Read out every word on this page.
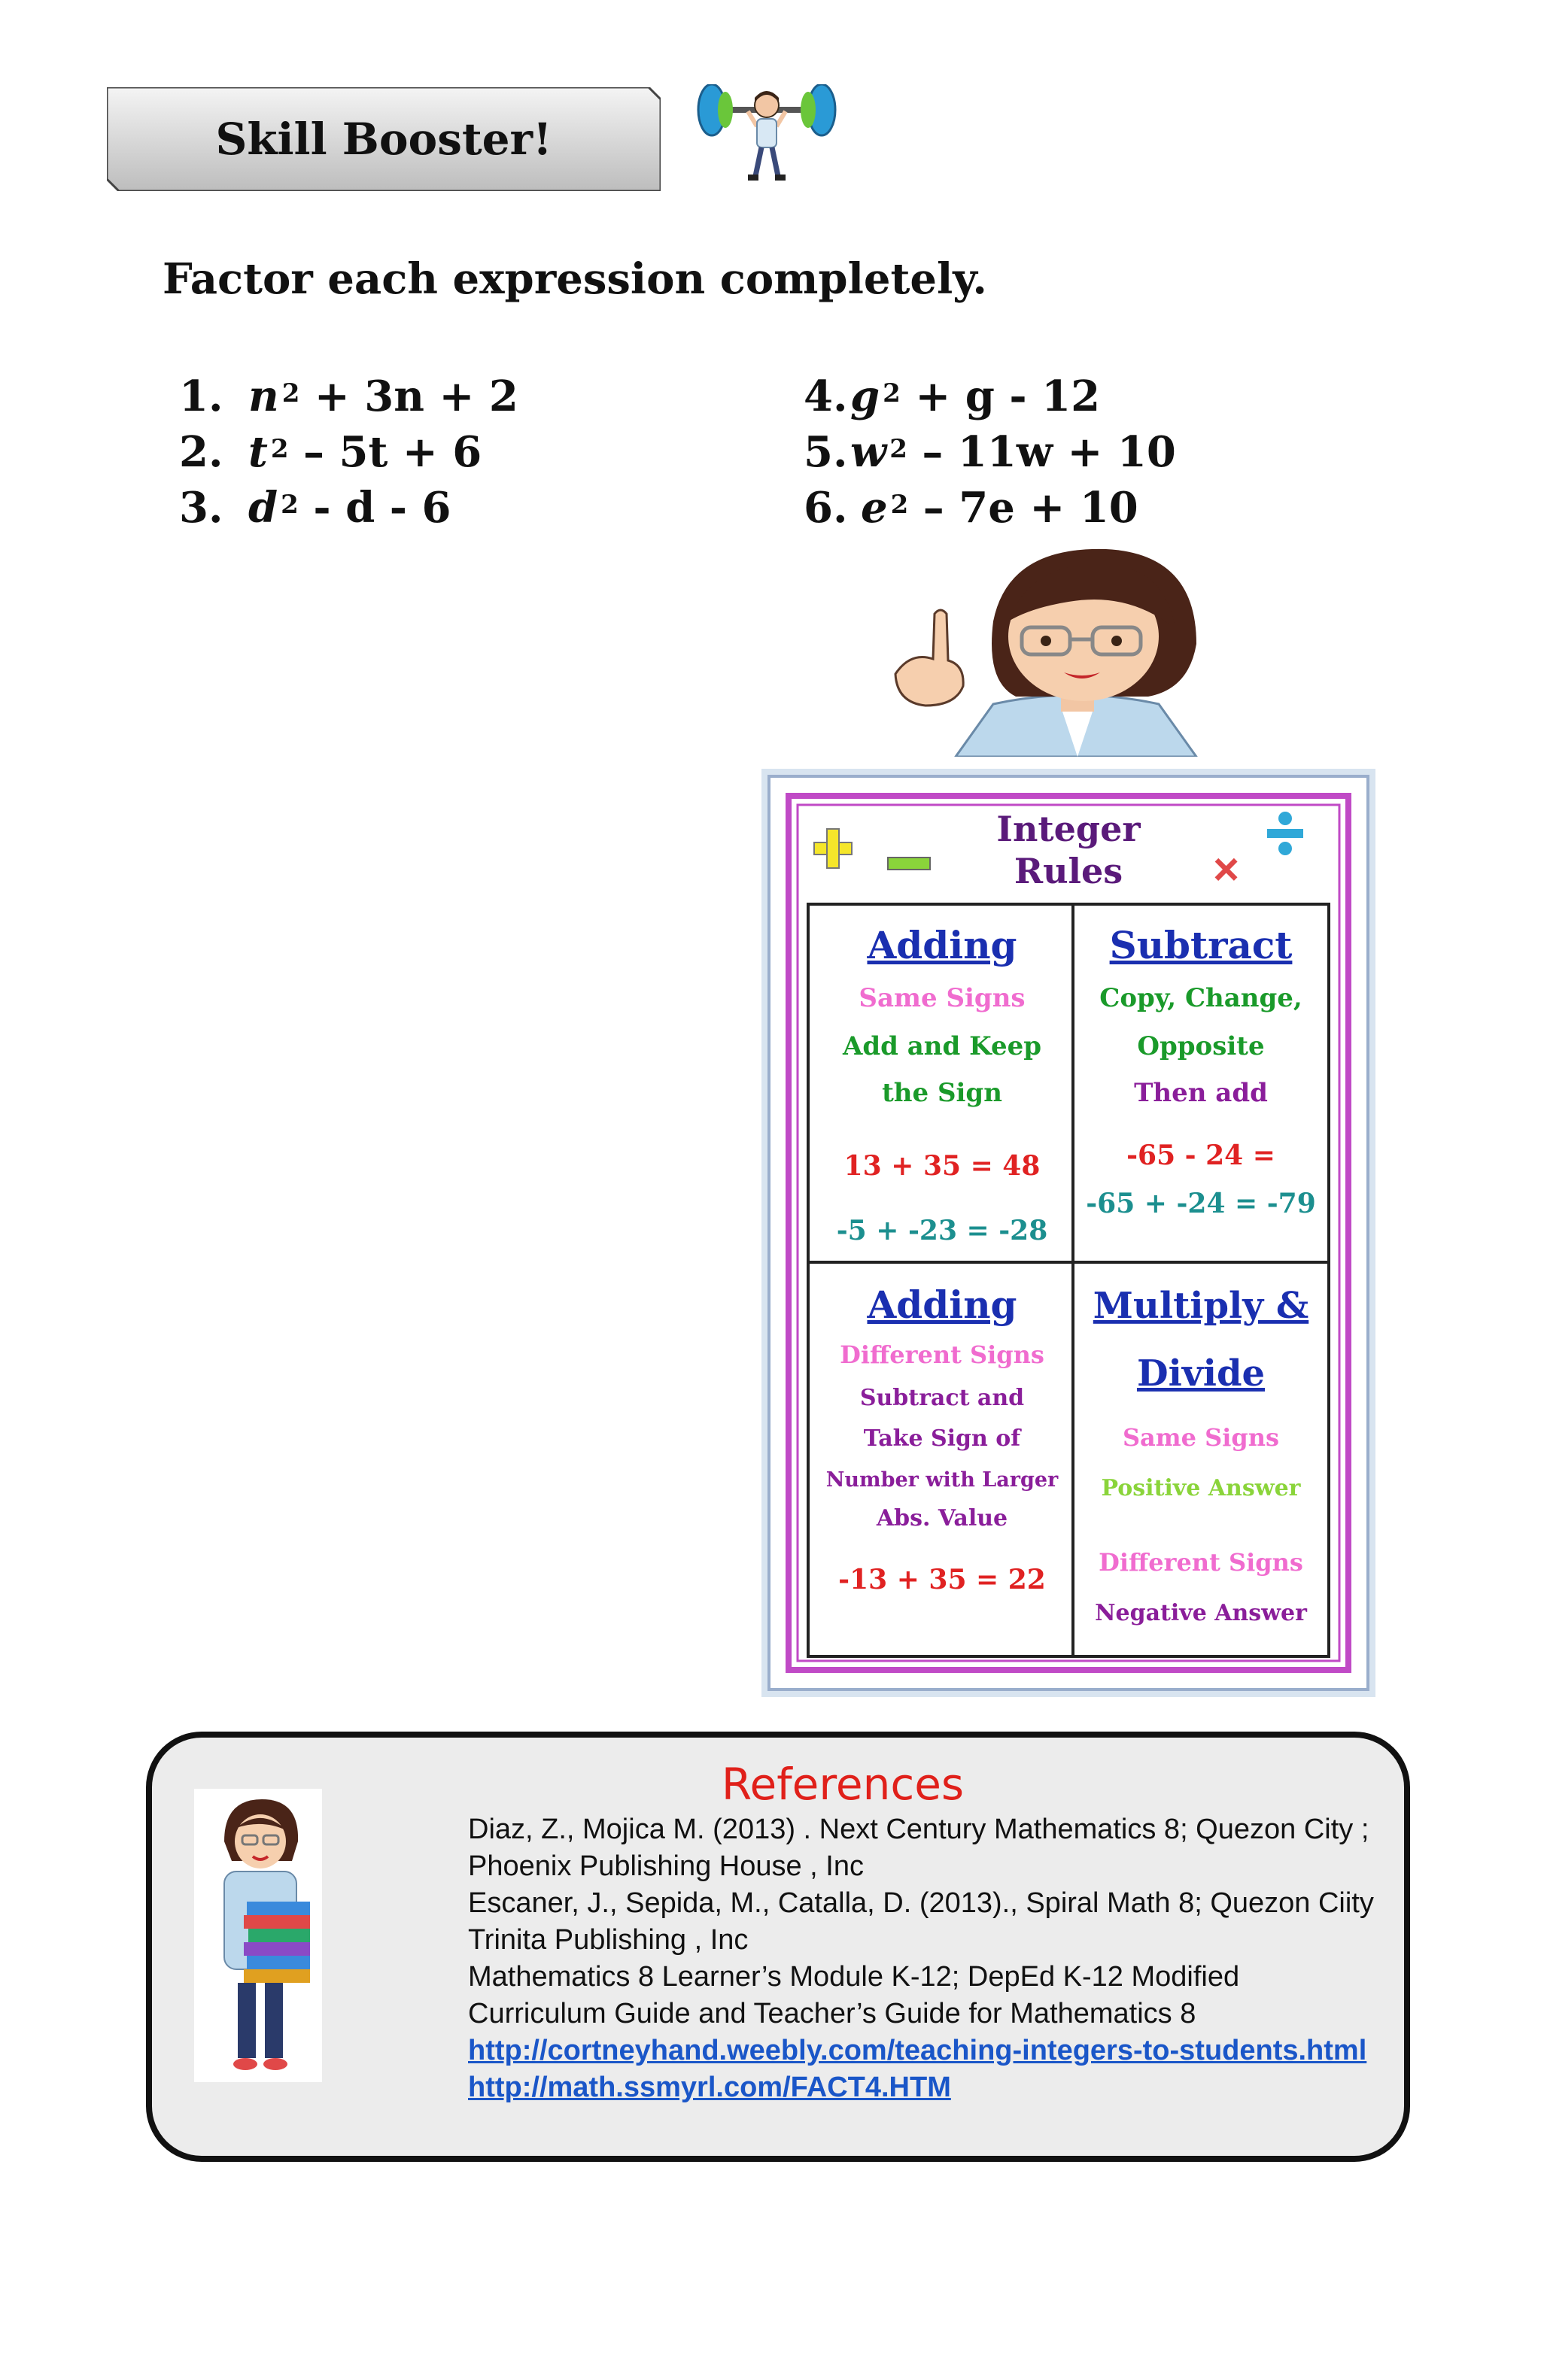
Skill Booster!
Factor each expression completely.
1. $n^2 + 3n + 2$
2. $t^2 - 5t + 6$
3. $d^2$ - d - 6
4. $g^2 + g - 12$
5. $w^2 - 11w + 10$
6. $e^2 - 7e + 10$
×
Integer
Rules
Adding
Same Signs
Add and Keep
the Sign
13 + 35 = 48
-5 + -23 = -28
Subtract
Copy, Change,
Opposite
Then add
-65 - 24 =
-65 + -24 = -79
Adding
Different Signs
Subtract and
Take Sign of
Number with Larger
Abs. Value
-13 + 35 = 22
Multiply &
Divide
Same Signs
Positive Answer
Different Signs
Negative Answer
References
Diaz, Z., Mojica M. (2013) . Next Century Mathematics 8; Quezon City ;
Phoenix Publishing House , Inc
Escaner, J., Sepida, M., Catalla, D. (2013)., Spiral Math 8; Quezon Ciity
Trinita Publishing , Inc
Mathematics 8 Learner’s Module K-12; DepEd K-12 Modified
Curriculum Guide and Teacher’s Guide for Mathematics 8
http://cortneyhand.weebly.com/teaching-integers-to-students.html
http://math.ssmyrl.com/FACT4.HTM
